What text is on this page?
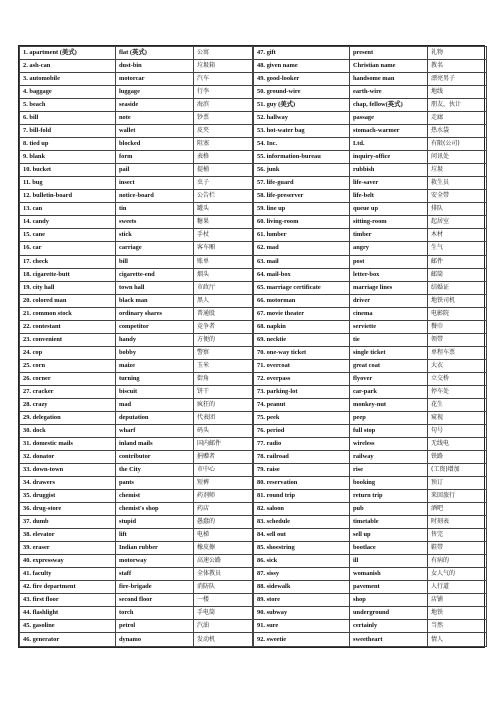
1. apartment (美式)	flat (英式)	公寓
2. ash-can	dust-bin	垃圾箱
3. automobile	motorcar	汽车
4. baggage	luggage	行李
5. beach	seaside	海滨
6. bill	note	钞票
7. bill-fold	wallet	皮夹
8. tied up	blocked	阻塞
9. blank	form	表格
10. bucket	pail	提桶
11. bug	insect	虫子
12. bulletin-board	notice-board	公告栏
13. can	tin	罐头
14. candy	sweets	糖果
15. cane	stick	手杖
16. car	carriage	客车厢
17. check	bill	账单
18. cigarette-butt	cigarette-end	烟头
19. city hall	town hall	市政厅
20. colored man	black man	黑人
21. common stock	ordinary shares	普通股
22. contestant	competitor	竞争者
23. convenient	handy	方便的
24. cop	bobby	警察
25. corn	maize	玉米
26. corner	turning	街角
27. cracker	biscuit	饼干
28. crazy	mad	疯狂的
29. delegation	deputation	代表团
30. dock	wharf	码头
31. domestic mails	inland mails	国内邮件
32. donator	contributor	捐赠者
33. down-town	the City	市中心
34. drawers	pants	短裤
35. druggist	chemist	药剂师
36. drug-store	chemist's shop	药店
37. dumb	stupid	愚蠢的
38. elevator	lift	电梯
39. eraser	Indian rubber	橡皮擦
40. expressway	motorway	高速公路
41. faculty	staff	全体教员
42. fire department	fire-brigade	消防队
43. first floor	second floor	一楼
44. flashlight	torch	手电筒
45. gasoline	petrol	汽油
46. generator	dynamo	发动机
47. gift	present	礼物
48. given name	Christian name	教名
49. good-looker	handsome man	漂亮男子
50. ground-wire	earth-wire	地线
51. guy (美式)	chap, fellow(英式)	朋友，伙计
52. hallway	passage	走廊
53. hot-water bag	stomach-warmer	热水袋
54. Inc.	Ltd.	有限(公司)
55. information-bureau	inquiry-office	问讯处
56. junk	rubbish	垃圾
57. life-guard	life-saver	救生员
58. life-preserver	life-belt	安全带
59. line up	queue up	排队
60. living-room	sitting-room	起居室
61. lumber	timber	木材
62. mad	angry	生气
63. mail	post	邮件
64. mail-box	letter-box	邮筒
65. marriage certificate	marriage lines	结婚证
66. motorman	driver	地铁司机
67. movie theater	cinema	电影院
68. napkin	serviette	餐巾
69. necktie	tie	领带
70. one-way ticket	single ticket	单程车票
71. overcoat	great coat	大衣
72. overpass	flyover	立交桥
73. parking-lot	car-park	停车处
74. peanut	monkey-nut	花生
75. peek	peep	窥视
76. period	full stop	句号
77. radio	wireless	无线电
78. railroad	railway	铁路
79. raise	rise	(工资)增加
80. reservation	booking	预订
81. round trip	return trip	来回旅行
82. saloon	pub	酒吧
83. schedule	timetable	时刻表
84. sell out	sell up	售完
85. shoestring	bootlace	鞋带
86. sick	ill	有病的
87. sissy	womanish	女人气的
88. sidewalk	pavement	人行道
89. store	shop	店铺
90. subway	underground	地铁
91. sure	certainly	当然
92. sweetie	sweetheart	情人
